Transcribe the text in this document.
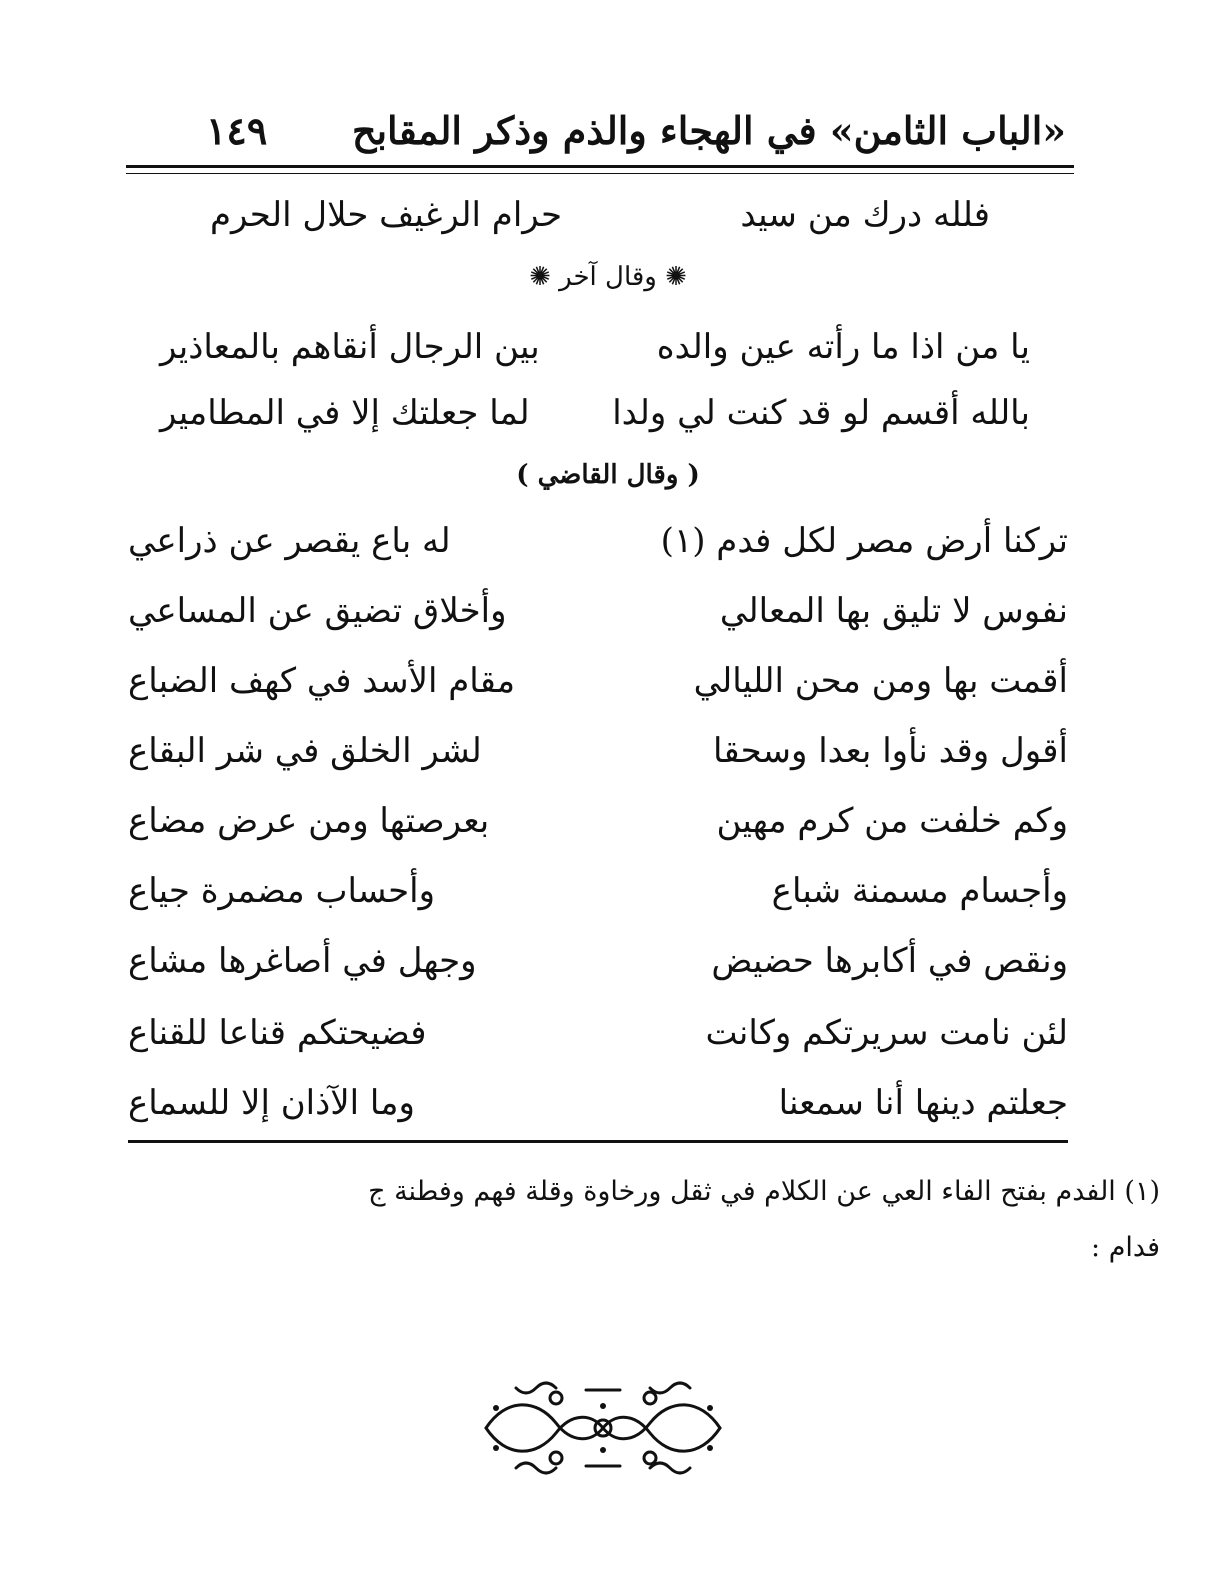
«الباب الثامن» في الهجاء والذم وذكر المقابح
١٤٩
فلله درك من سيد
حرام الرغيف حلال الحرم
✺ وقال آخر ✺
يا من اذا ما رأته عين والده
بين الرجال أنقاهم بالمعاذير
بالله أقسم لو قد كنت لي ولدا
لما جعلتك إلا في المطامير
( وقال القاضي )
تركنا أرض مصر لكل فدم (١)
له باع يقصر عن ذراعي
نفوس لا تليق بها المعالي
وأخلاق تضيق عن المساعي
أقمت بها ومن محن الليالي
مقام الأسد في كهف الضباع
أقول وقد نأوا بعدا وسحقا
لشر الخلق في شر البقاع
وكم خلفت من كرم مهين
بعرصتها ومن عرض مضاع
وأجسام مسمنة شباع
وأحساب مضمرة جياع
ونقص في أكابرها حضيض
وجهل في أصاغرها مشاع
لئن نامت سريرتكم وكانت
فضيحتكم قناعا للقناع
جعلتم دينها أنا سمعنا
وما الآذان إلا للسماع
(١) الفدم بفتح الفاء العي عن الكلام في ثقل ورخاوة وقلة فهم وفطنة ج
فدام :
